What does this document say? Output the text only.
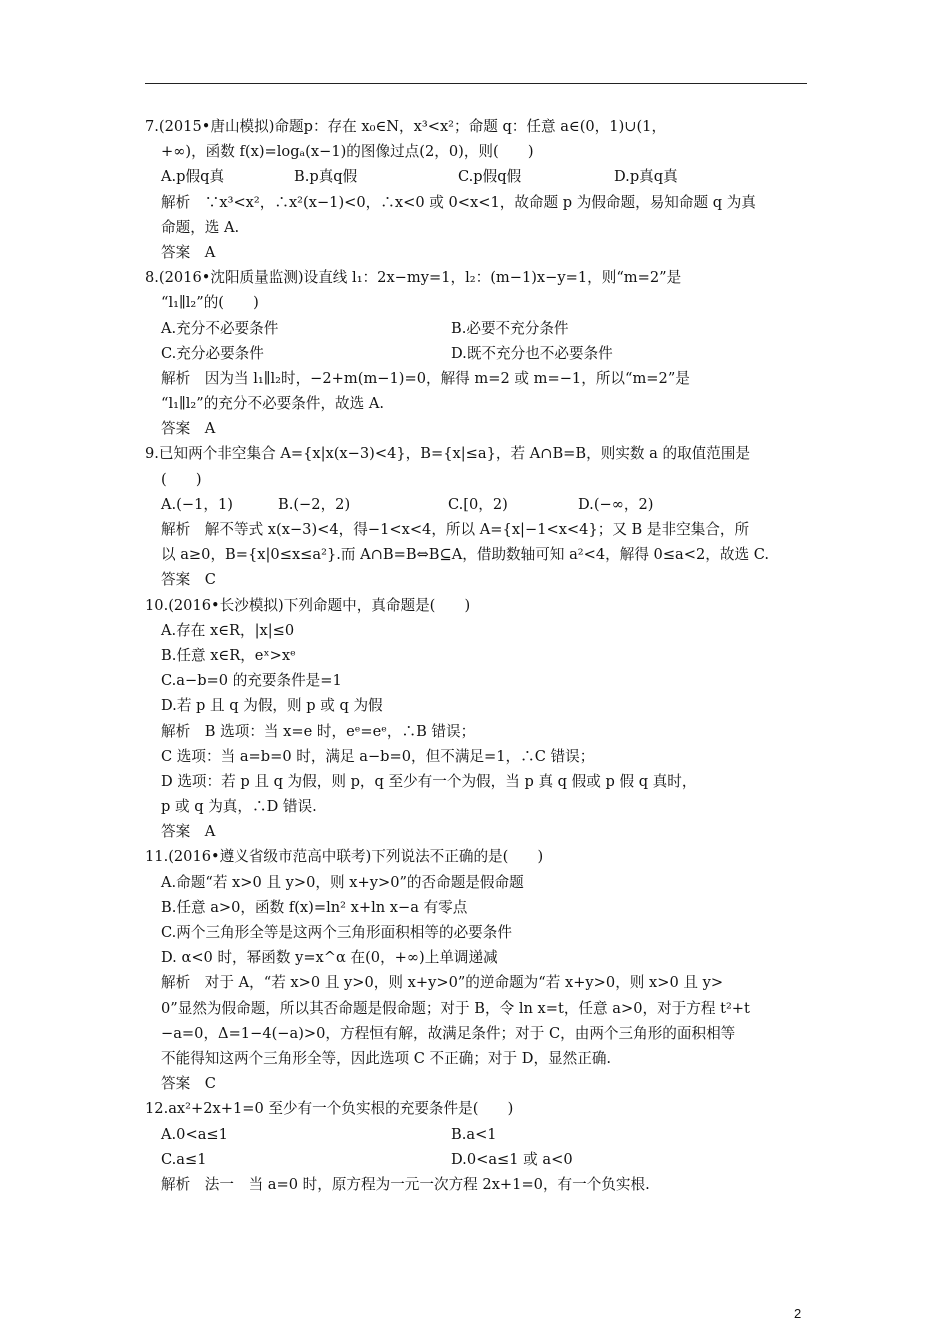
7.(2015•唐山模拟)命题p：存在 x₀∈N，x³<x²；命题 q：任意 a∈(0，1)∪(1，
+∞)，函数 f(x)=logₐ(x−1)的图像过点(2，0)，则(　　)
A.p假q真	B.p真q假	C.p假q假	D.p真q真
解析　∵x³<x²，∴x²(x−1)<0，∴x<0 或 0<x<1，故命题 p 为假命题，易知命题 q 为真
命题，选 A.
答案　A
8.(2016•沈阳质量监测)设直线 l₁：2x−my=1，l₂：(m−1)x−y=1，则“m=2”是
“l₁∥l₂”的(　　)
A.充分不必要条件	B.必要不充分条件
C.充分必要条件	D.既不充分也不必要条件
解析　因为当 l₁∥l₂时，−2+m(m−1)=0，解得 m=2 或 m=−1，所以“m=2”是
“l₁∥l₂”的充分不必要条件，故选 A.
答案　A
9.已知两个非空集合 A={x|x(x−3)<4}，B={x|≤a}，若 A∩B=B，则实数 a 的取值范围是
(　　)
A.(−1，1)	B.(−2，2)	C.[0，2)	D.(−∞，2)
解析　解不等式 x(x−3)<4，得−1<x<4，所以 A={x|−1<x<4}；又 B 是非空集合，所
以 a≥0，B={x|0≤x≤a²}.而 A∩B=B⇔B⊆A，借助数轴可知 a²<4，解得 0≤a<2，故选 C.
答案　C
10.(2016•长沙模拟)下列命题中，真命题是(　　)
A.存在 x∈R，|x|≤0
B.任意 x∈R，eˣ>xᵉ
C.a−b=0 的充要条件是=1
D.若 p 且 q 为假，则 p 或 q 为假
解析　B 选项：当 x=e 时，eᵉ=eᵉ，∴B 错误；
C 选项：当 a=b=0 时，满足 a−b=0，但不满足=1，∴C 错误；
D 选项：若 p 且 q 为假，则 p，q 至少有一个为假，当 p 真 q 假或 p 假 q 真时，
p 或 q 为真，∴D 错误.
答案　A
11.(2016•遵义省级市范高中联考)下列说法不正确的是(　　)
A.命题“若 x>0 且 y>0，则 x+y>0”的否命题是假命题
B.任意 a>0，函数 f(x)=ln² x+ln x−a 有零点
C.两个三角形全等是这两个三角形面积相等的必要条件
D. α<0 时，幂函数 y=x^α 在(0，+∞)上单调递减
解析　对于 A，“若 x>0 且 y>0，则 x+y>0”的逆命题为“若 x+y>0，则 x>0 且 y>
0”显然为假命题，所以其否命题是假命题；对于 B，令 ln x=t，任意 a>0，对于方程 t²+t
−a=0，Δ=1−4(−a)>0，方程恒有解，故满足条件；对于 C，由两个三角形的面积相等
不能得知这两个三角形全等，因此选项 C 不正确；对于 D，显然正确.
答案　C
12.ax²+2x+1=0 至少有一个负实根的充要条件是(　　)
A.0<a≤1	B.a<1
C.a≤1	D.0<a≤1 或 a<0
解析　法一　当 a=0 时，原方程为一元一次方程 2x+1=0，有一个负实根.
2
